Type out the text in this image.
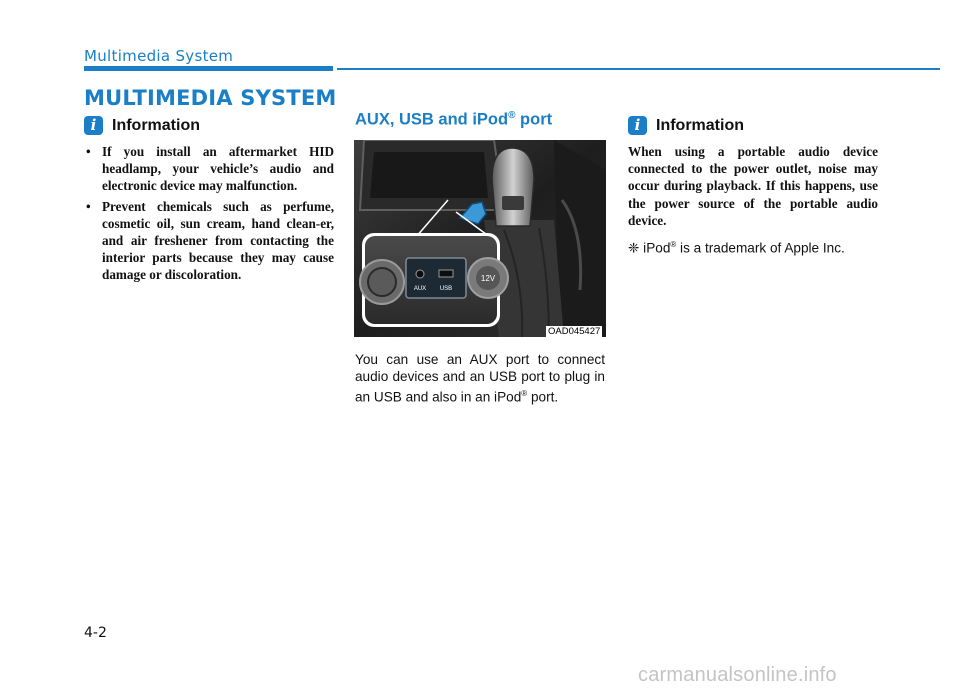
Multimedia System
MULTIMEDIA SYSTEM
i Information
• If you install an aftermarket HID headlamp, your vehicle’s audio and electronic device may malfunction.
• Prevent chemicals such as perfume, cosmetic oil, sun cream, hand clean-er, and air freshener from contacting the interior parts because they may cause damage or discoloration.
AUX, USB and iPod® port
AUX USB
12V
OAD045427
You can use an AUX port to connect audio devices and an USB port to plug in an USB and also in an iPod® port.
i Information
When using a portable audio device connected to the power outlet, noise may occur during playback. If this happens, use the power source of the portable audio device.
❈ iPod® is a trademark of Apple Inc.
4-2
carmanualsonline.info
